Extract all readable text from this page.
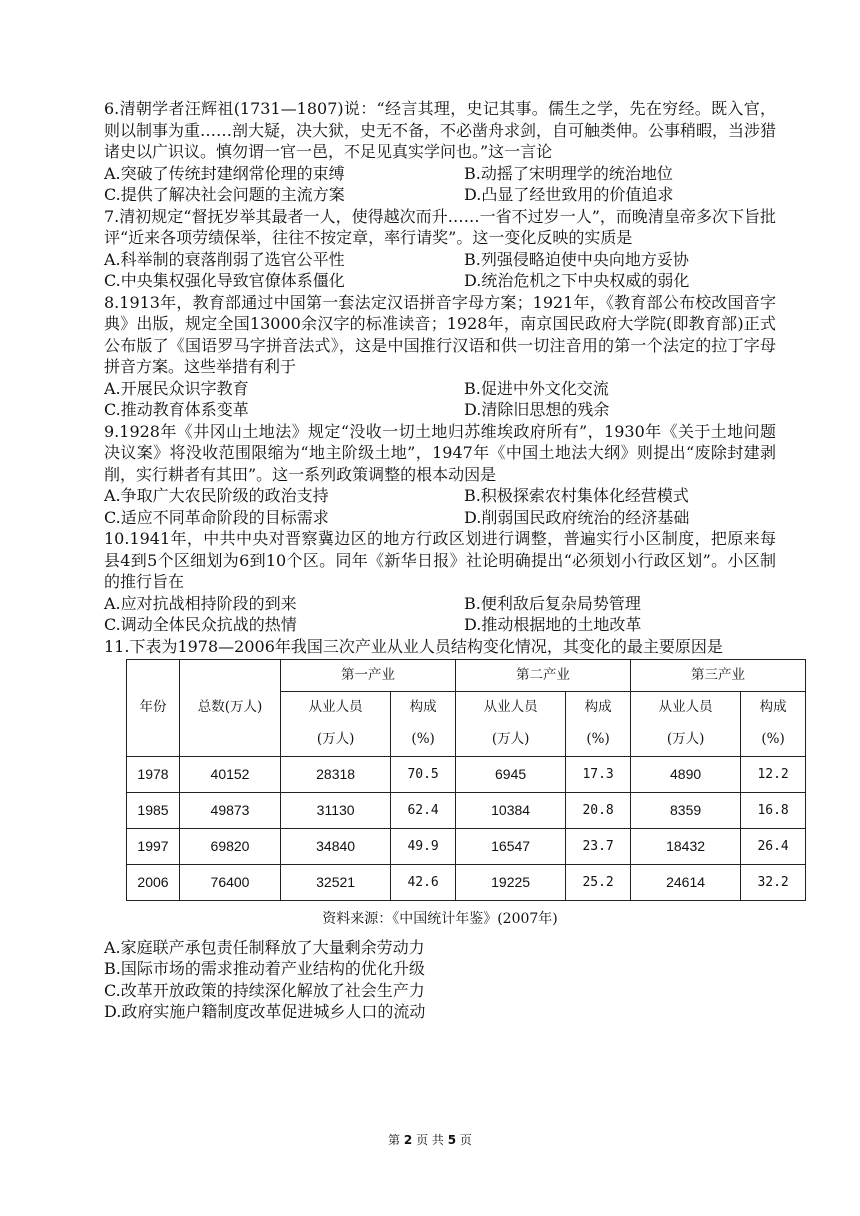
6.清朝学者汪辉祖(1731—1807)说：“经言其理，史记其事。儒生之学，先在穷经。既入官，则以制事为重……剖大疑，决大狱，史无不备，不必凿舟求剑，自可触类伸。公事稍暇，当涉猎诸史以广识议。慎勿谓一官一邑，不足见真实学问也。”这一言论
A.突破了传统封建纲常伦理的束缚	B.动摇了宋明理学的统治地位
C.提供了解决社会问题的主流方案	D.凸显了经世致用的价值追求
7.清初规定“督抚岁举其最者一人，使得越次而升……一省不过岁一人”，而晚清皇帝多次下旨批评“近来各项劳绩保举，往往不按定章，率行请奖”。这一变化反映的实质是
A.科举制的衰落削弱了选官公平性	B.列强侵略迫使中央向地方妥协
C.中央集权强化导致官僚体系僵化	D.统治危机之下中央权威的弱化
8.1913年，教育部通过中国第一套法定汉语拼音字母方案；1921年，《教育部公布校改国音字典》出版，规定全国13000余汉字的标准读音；1928年，南京国民政府大学院(即教育部)正式公布版了《国语罗马字拼音法式》，这是中国推行汉语和供一切注音用的第一个法定的拉丁字母拼音方案。这些举措有利于
A.开展民众识字教育	B.促进中外文化交流
C.推动教育体系变革	D.清除旧思想的残余
9.1928年《井冈山土地法》规定“没收一切土地归苏维埃政府所有”，1930年《关于土地问题决议案》将没收范围限缩为“地主阶级土地”，1947年《中国土地法大纲》则提出“废除封建剥削，实行耕者有其田”。这一系列政策调整的根本动因是
A.争取广大农民阶级的政治支持	B.积极探索农村集体化经营模式
C.适应不同革命阶段的目标需求	D.削弱国民政府统治的经济基础
10.1941年，中共中央对晋察冀边区的地方行政区划进行调整，普遍实行小区制度，把原来每县4到5个区细划为6到10个区。同年《新华日报》社论明确提出“必须划小行政区划”。小区制的推行旨在
A.应对抗战相持阶段的到来	B.便利敌后复杂局势管理
C.调动全体民众抗战的热情	D.推动根据地的土地改革
11.下表为1978—2006年我国三次产业从业人员结构变化情况，其变化的最主要原因是
年份	总数(万人)	第一产业		第二产业		第三产业	
		从业人员	构成	从业人员	构成	从业人员	构成
		(万人)	(%)	(万人)	(%)	(万人)	(%)
1978	40152	28318	70.5	6945	17.3	4890	12.2
1985	49873	31130	62.4	10384	20.8	8359	16.8
1997	69820	34840	49.9	16547	23.7	18432	26.4
2006	76400	32521	42.6	19225	25.2	24614	32.2
资料来源：《中国统计年鉴》(2007年)
A.家庭联产承包责任制释放了大量剩余劳动力
B.国际市场的需求推动着产业结构的优化升级
C.改革开放政策的持续深化解放了社会生产力
D.政府实施户籍制度改革促进城乡人口的流动
第 2 页 共 5 页
